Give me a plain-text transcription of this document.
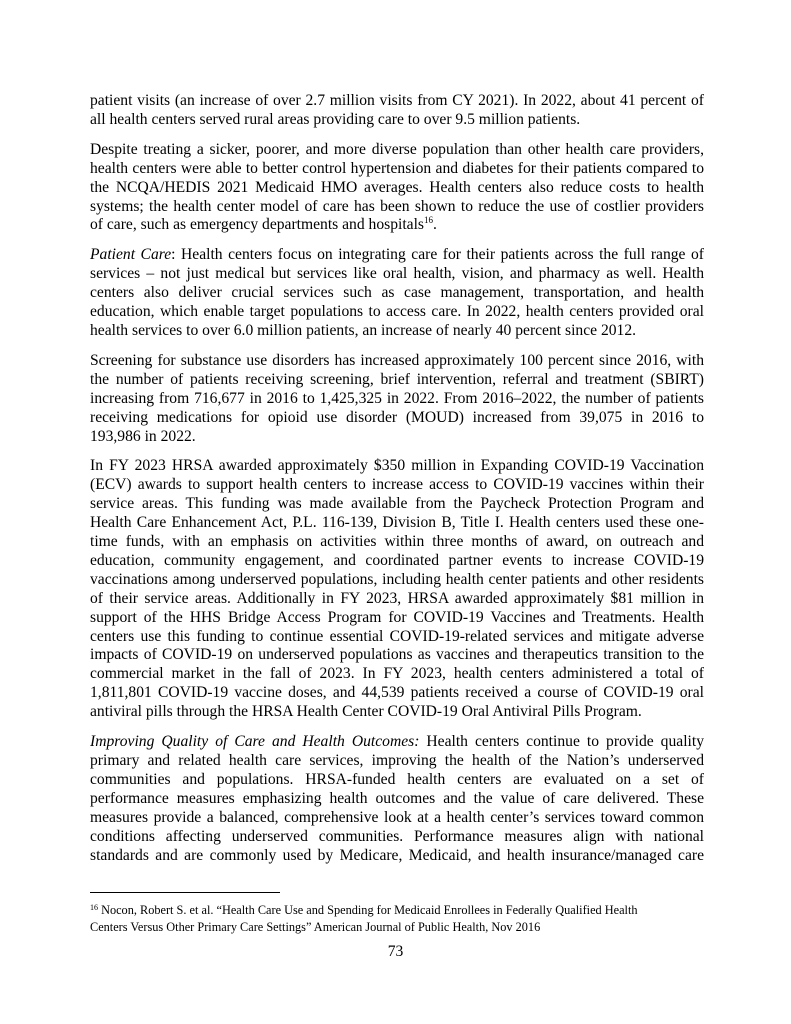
patient visits (an increase of over 2.7 million visits from CY 2021). In 2022, about 41 percent of
all health centers served rural areas providing care to over 9.5 million patients.
Despite treating a sicker, poorer, and more diverse population than other health care providers,
health centers were able to better control hypertension and diabetes for their patients compared to
the NCQA/HEDIS 2021 Medicaid HMO averages. Health centers also reduce costs to health
systems; the health center model of care has been shown to reduce the use of costlier providers
of care, such as emergency departments and hospitals$^{16}$.
Patient Care: Health centers focus on integrating care for their patients across the full range of
services – not just medical but services like oral health, vision, and pharmacy as well. Health
centers also deliver crucial services such as case management, transportation, and health
education, which enable target populations to access care. In 2022, health centers provided oral
health services to over 6.0 million patients, an increase of nearly 40 percent since 2012.
Screening for substance use disorders has increased approximately 100 percent since 2016, with
the number of patients receiving screening, brief intervention, referral and treatment (SBIRT)
increasing from 716,677 in 2016 to 1,425,325 in 2022. From 2016–2022, the number of patients
receiving medications for opioid use disorder (MOUD) increased from 39,075 in 2016 to
193,986 in 2022.
In FY 2023 HRSA awarded approximately $350 million in Expanding COVID-19 Vaccination
(ECV) awards to support health centers to increase access to COVID-19 vaccines within their
service areas. This funding was made available from the Paycheck Protection Program and
Health Care Enhancement Act, P.L. 116-139, Division B, Title I. Health centers used these one-
time funds, with an emphasis on activities within three months of award, on outreach and
education, community engagement, and coordinated partner events to increase COVID-19
vaccinations among underserved populations, including health center patients and other residents
of their service areas. Additionally in FY 2023, HRSA awarded approximately $81 million in
support of the HHS Bridge Access Program for COVID-19 Vaccines and Treatments. Health
centers use this funding to continue essential COVID-19-related services and mitigate adverse
impacts of COVID-19 on underserved populations as vaccines and therapeutics transition to the
commercial market in the fall of 2023. In FY 2023, health centers administered a total of
1,811,801 COVID-19 vaccine doses, and 44,539 patients received a course of COVID-19 oral
antiviral pills through the HRSA Health Center COVID-19 Oral Antiviral Pills Program.
Improving Quality of Care and Health Outcomes: Health centers continue to provide quality
primary and related health care services, improving the health of the Nation’s underserved
communities and populations. HRSA-funded health centers are evaluated on a set of
performance measures emphasizing health outcomes and the value of care delivered. These
measures provide a balanced, comprehensive look at a health center’s services toward common
conditions affecting underserved communities. Performance measures align with national
standards and are commonly used by Medicare, Medicaid, and health insurance/managed care
$^{16}$ Nocon, Robert S. et al. “Health Care Use and Spending for Medicaid Enrollees in Federally Qualified Health
Centers Versus Other Primary Care Settings” American Journal of Public Health, Nov 2016
73
